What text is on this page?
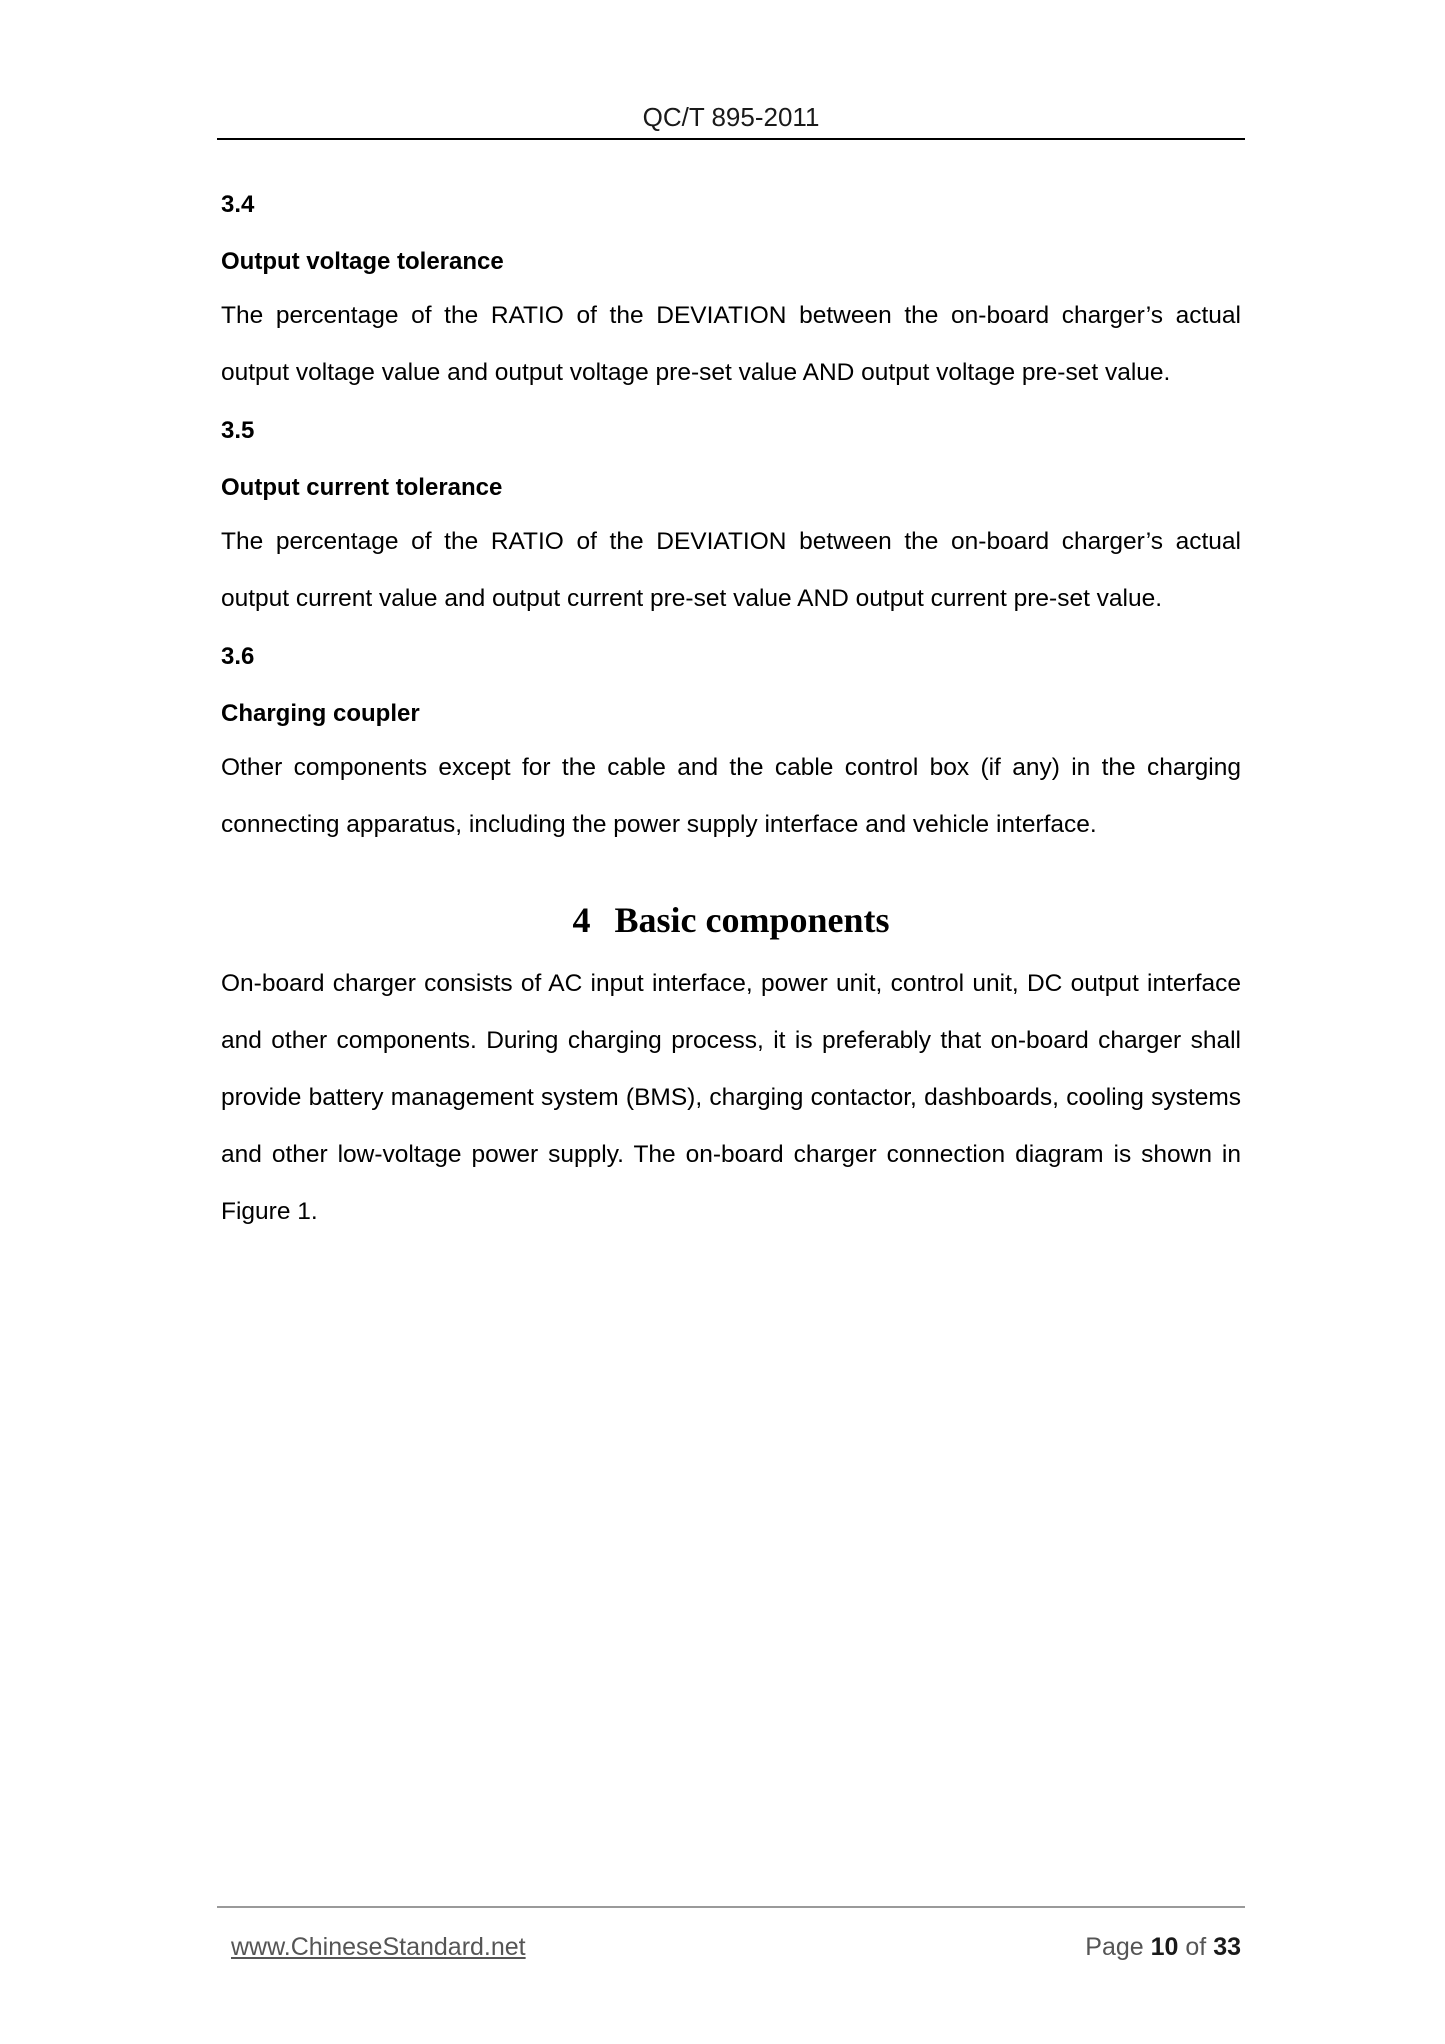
QC/T 895-2011

3.4

Output voltage tolerance

The percentage of the RATIO of the DEVIATION between the on-board charger’s actual output voltage value and output voltage pre-set value AND output voltage pre-set value.

3.5

Output current tolerance

The percentage of the RATIO of the DEVIATION between the on-board charger’s actual output current value and output current pre-set value AND output current pre-set value.

3.6

Charging coupler

Other components except for the cable and the cable control box (if any) in the charging connecting apparatus, including the power supply interface and vehicle interface.

4 Basic components

On-board charger consists of AC input interface, power unit, control unit, DC output interface and other components. During charging process, it is preferably that on-board charger shall provide battery management system (BMS), charging contactor, dashboards, cooling systems and other low-voltage power supply. The on-board charger connection diagram is shown in Figure 1.

www.ChineseStandard.net	Page 10 of 33
